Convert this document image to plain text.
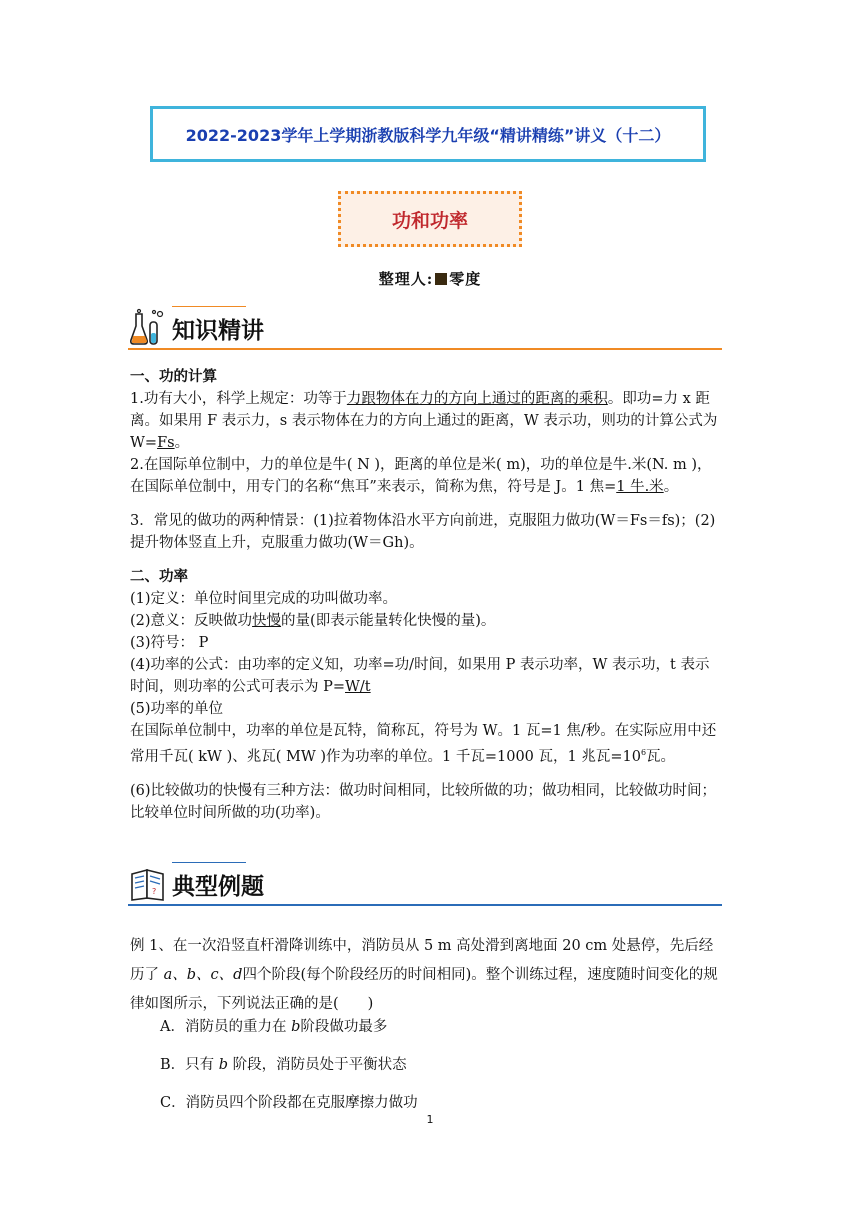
2022-2023学年上学期浙教版科学九年级“精讲精练”讲义（十二）
功和功率
整理人: 零度
知识精讲

一、功的计算

1.功有大小，科学上规定：功等于力跟物体在力的方向上通过的距离的乘积。即功=力 x 距离。如果用 F 表示力，s 表示物体在力的方向上通过的距离，W 表示功，则功的计算公式为 W=Fs。

2.在国际单位制中，力的单位是牛( N )，距离的单位是米( m)，功的单位是牛.米(N. m )，在国际单位制中，用专门的名称“焦耳”来表示，简称为焦，符号是 J。1 焦=1 牛.米。

3．常见的做功的两种情景：(1)拉着物体沿水平方向前进，克服阻力做功(W＝Fs＝fs)；(2)提升物体竖直上升，克服重力做功(W＝Gh)。

二、功率

(1)定义：单位时间里完成的功叫做功率。

(2)意义：反映做功快慢的量(即表示能量转化快慢的量)。

(3)符号： P

(4)功率的公式：由功率的定义知，功率=功/时间，如果用 P 表示功率，W 表示功，t 表示时间，则功率的公式可表示为 P=W/t

(5)功率的单位

在国际单位制中，功率的单位是瓦特，简称瓦，符号为 W。1 瓦=1 焦/秒。在实际应用中还常用千瓦( kW )、兆瓦( MW )作为功率的单位。1 千瓦=1000 瓦，1 兆瓦$=10^6$瓦。

(6)比较做功的快慢有三种方法：做功时间相同，比较所做的功；做功相同，比较做功时间；比较单位时间所做的功(功率)。

? 典型例题

例 1、在一次沿竖直杆滑降训练中，消防员从 5 m 高处滑到离地面 20 cm 处悬停，先后经历了 a、b、c、d四个阶段(每个阶段经历的时间相同)。整个训练过程，速度随时间变化的规律如图所示，下列说法正确的是(　　)

A．消防员的重力在 b阶段做功最多
B．只有 b 阶段，消防员处于平衡状态
C．消防员四个阶段都在克服摩擦力做功
1
